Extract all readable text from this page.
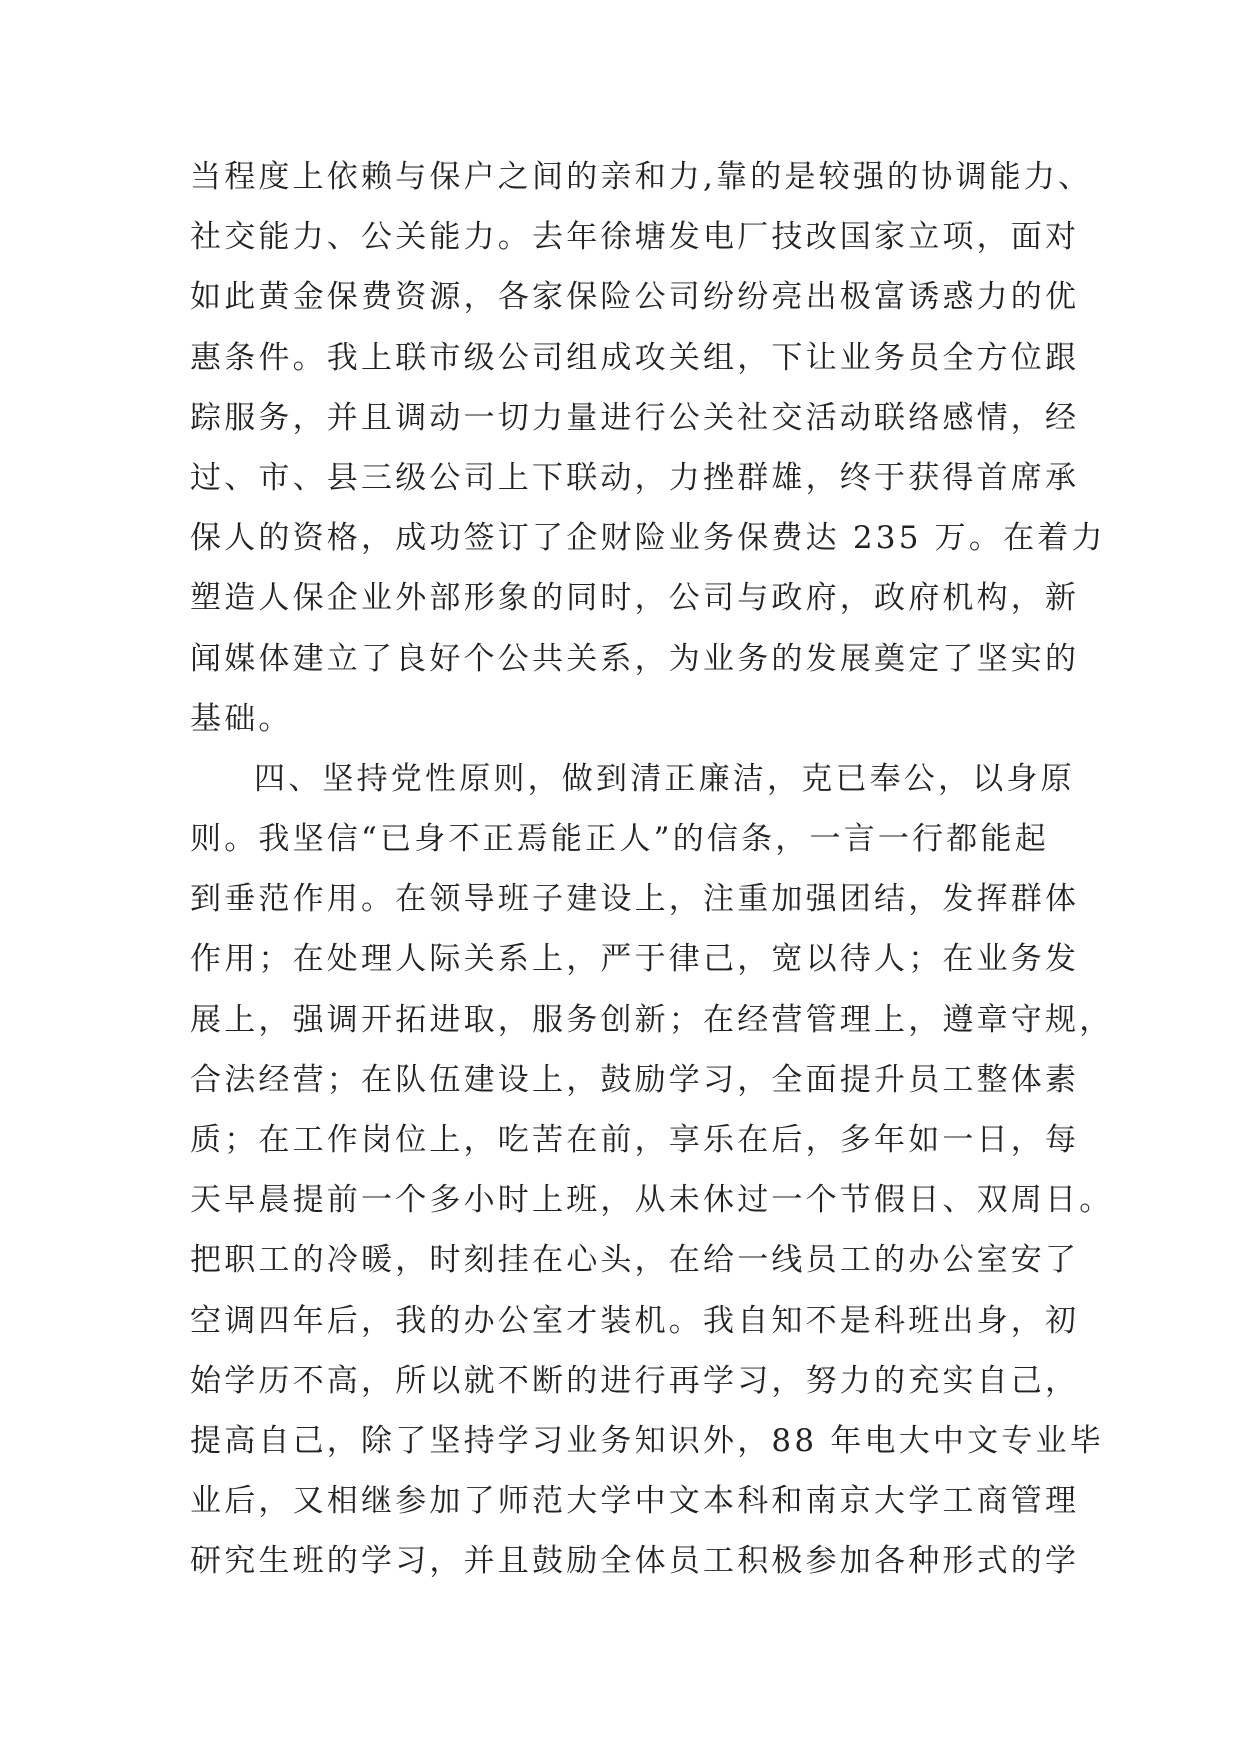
当程度上依赖与保户之间的亲和力,靠的是较强的协调能力、
社交能力、公关能力。去年徐塘发电厂技改国家立项，面对
如此黄金保费资源，各家保险公司纷纷亮出极富诱惑力的优
惠条件。我上联市级公司组成攻关组，下让业务员全方位跟
踪服务，并且调动一切力量进行公关社交活动联络感情，经
过、市、县三级公司上下联动，力挫群雄，终于获得首席承
保人的资格，成功签订了企财险业务保费达 235 万。在着力
塑造人保企业外部形象的同时，公司与政府，政府机构，新
闻媒体建立了良好个公共关系，为业务的发展奠定了坚实的
基础。
四、坚持党性原则，做到清正廉洁，克已奉公，以身原
则。我坚信“已身不正焉能正人”的信条，一言一行都能起
到垂范作用。在领导班子建设上，注重加强团结，发挥群体
作用；在处理人际关系上，严于律己，宽以待人；在业务发
展上，强调开拓进取，服务创新；在经营管理上，遵章守规，
合法经营；在队伍建设上，鼓励学习，全面提升员工整体素
质；在工作岗位上，吃苦在前，享乐在后，多年如一日，每
天早晨提前一个多小时上班，从未休过一个节假日、双周日。
把职工的冷暖，时刻挂在心头，在给一线员工的办公室安了
空调四年后，我的办公室才装机。我自知不是科班出身，初
始学历不高，所以就不断的进行再学习，努力的充实自己，
提高自己，除了坚持学习业务知识外，88 年电大中文专业毕
业后，又相继参加了师范大学中文本科和南京大学工商管理
研究生班的学习，并且鼓励全体员工积极参加各种形式的学
